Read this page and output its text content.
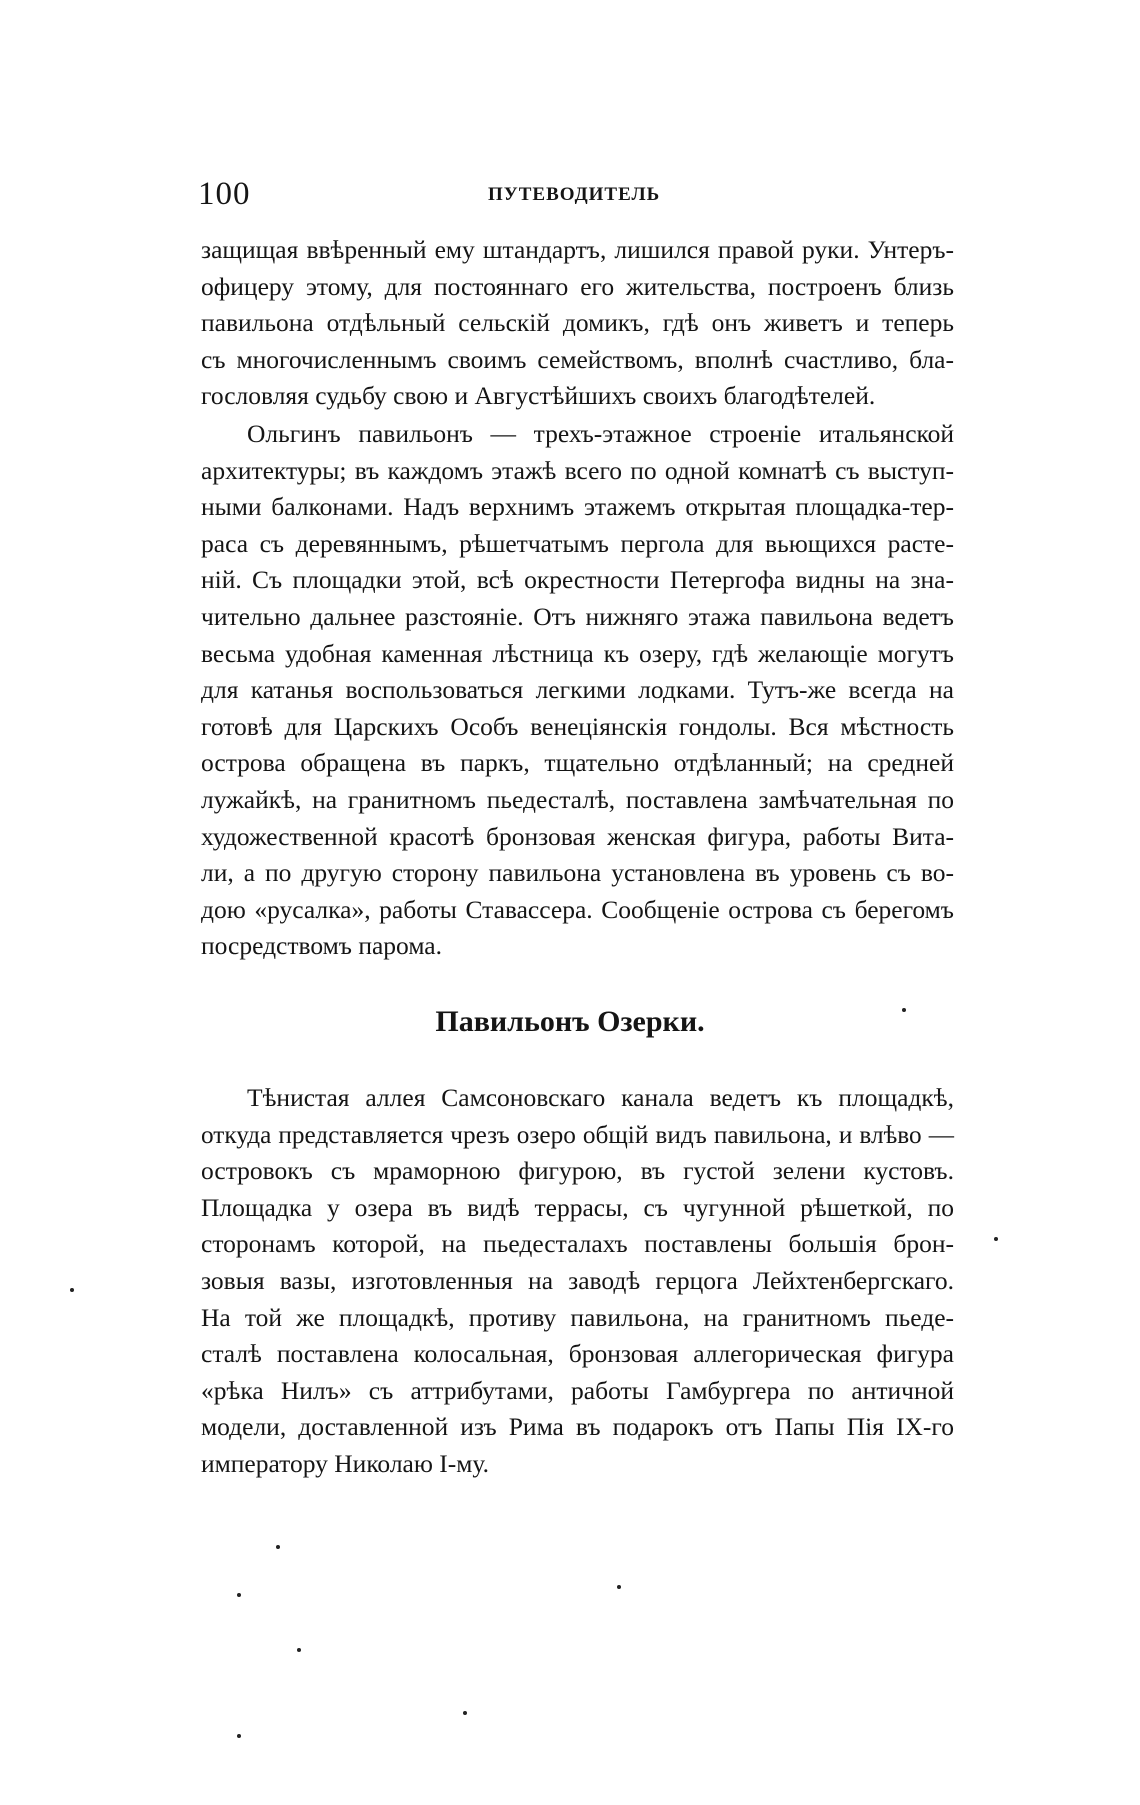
100	ПУТЕВОДИТЕЛЬ
защищая ввѣренный ему штандартъ, лишился правой руки. Унтеръ-
офицеру этому, для постояннаго его жительства, построенъ близь
павильона отдѣльный сельскій домикъ, гдѣ онъ живетъ и теперь
съ многочисленнымъ своимъ семействомъ, вполнѣ счастливо, бла-
гословляя судьбу свою и Августѣйшихъ своихъ благодѣтелей.
Ольгинъ павильонъ — трехъ-этажное строеніе итальянской
архитектуры; въ каждомъ этажѣ всего по одной комнатѣ съ выступ-
ными балконами. Надъ верхнимъ этажемъ открытая площадка-тер-
раса съ деревяннымъ, рѣшетчатымъ пергола для вьющихся расте-
ній. Съ площадки этой, всѣ окрестности Петергофа видны на зна-
чительно дальнее разстояніе. Отъ нижняго этажа павильона ведетъ
весьма удобная каменная лѣстница къ озеру, гдѣ желающіе могутъ
для катанья воспользоваться легкими лодками. Тутъ-же всегда на
готовѣ для Царскихъ Особъ венеціянскія гондолы. Вся мѣстность
острова обращена въ паркъ, тщательно отдѣланный; на средней
лужайкѣ, на гранитномъ пьедесталѣ, поставлена замѣчательная по
художественной красотѣ бронзовая женская фигура, работы Вита-
ли, а по другую сторону павильона установлена въ уровень съ во-
дою «русалка», работы Ставассера. Сообщеніе острова съ берегомъ
посредствомъ парома.
Павильонъ Озерки.
Тѣнистая аллея Самсоновскаго канала ведетъ къ площадкѣ,
откуда представляется чрезъ озеро общій видъ павильона, и влѣво —
островокъ съ мраморною фигурою, въ густой зелени кустовъ.
Площадка у озера въ видѣ террасы, съ чугунной рѣшеткой, по
сторонамъ которой, на пьедесталахъ поставлены большія брон-
зовыя вазы, изготовленныя на заводѣ герцога Лейхтенбергскаго.
На той же площадкѣ, противу павильона, на гранитномъ пьеде-
сталѣ поставлена колосальная, бронзовая аллегорическая фигура
«рѣка Нилъ» съ аттрибутами, работы Гамбургера по античной
модели, доставленной изъ Рима въ подарокъ отъ Папы Пія IX-го
императору Николаю I-му.
